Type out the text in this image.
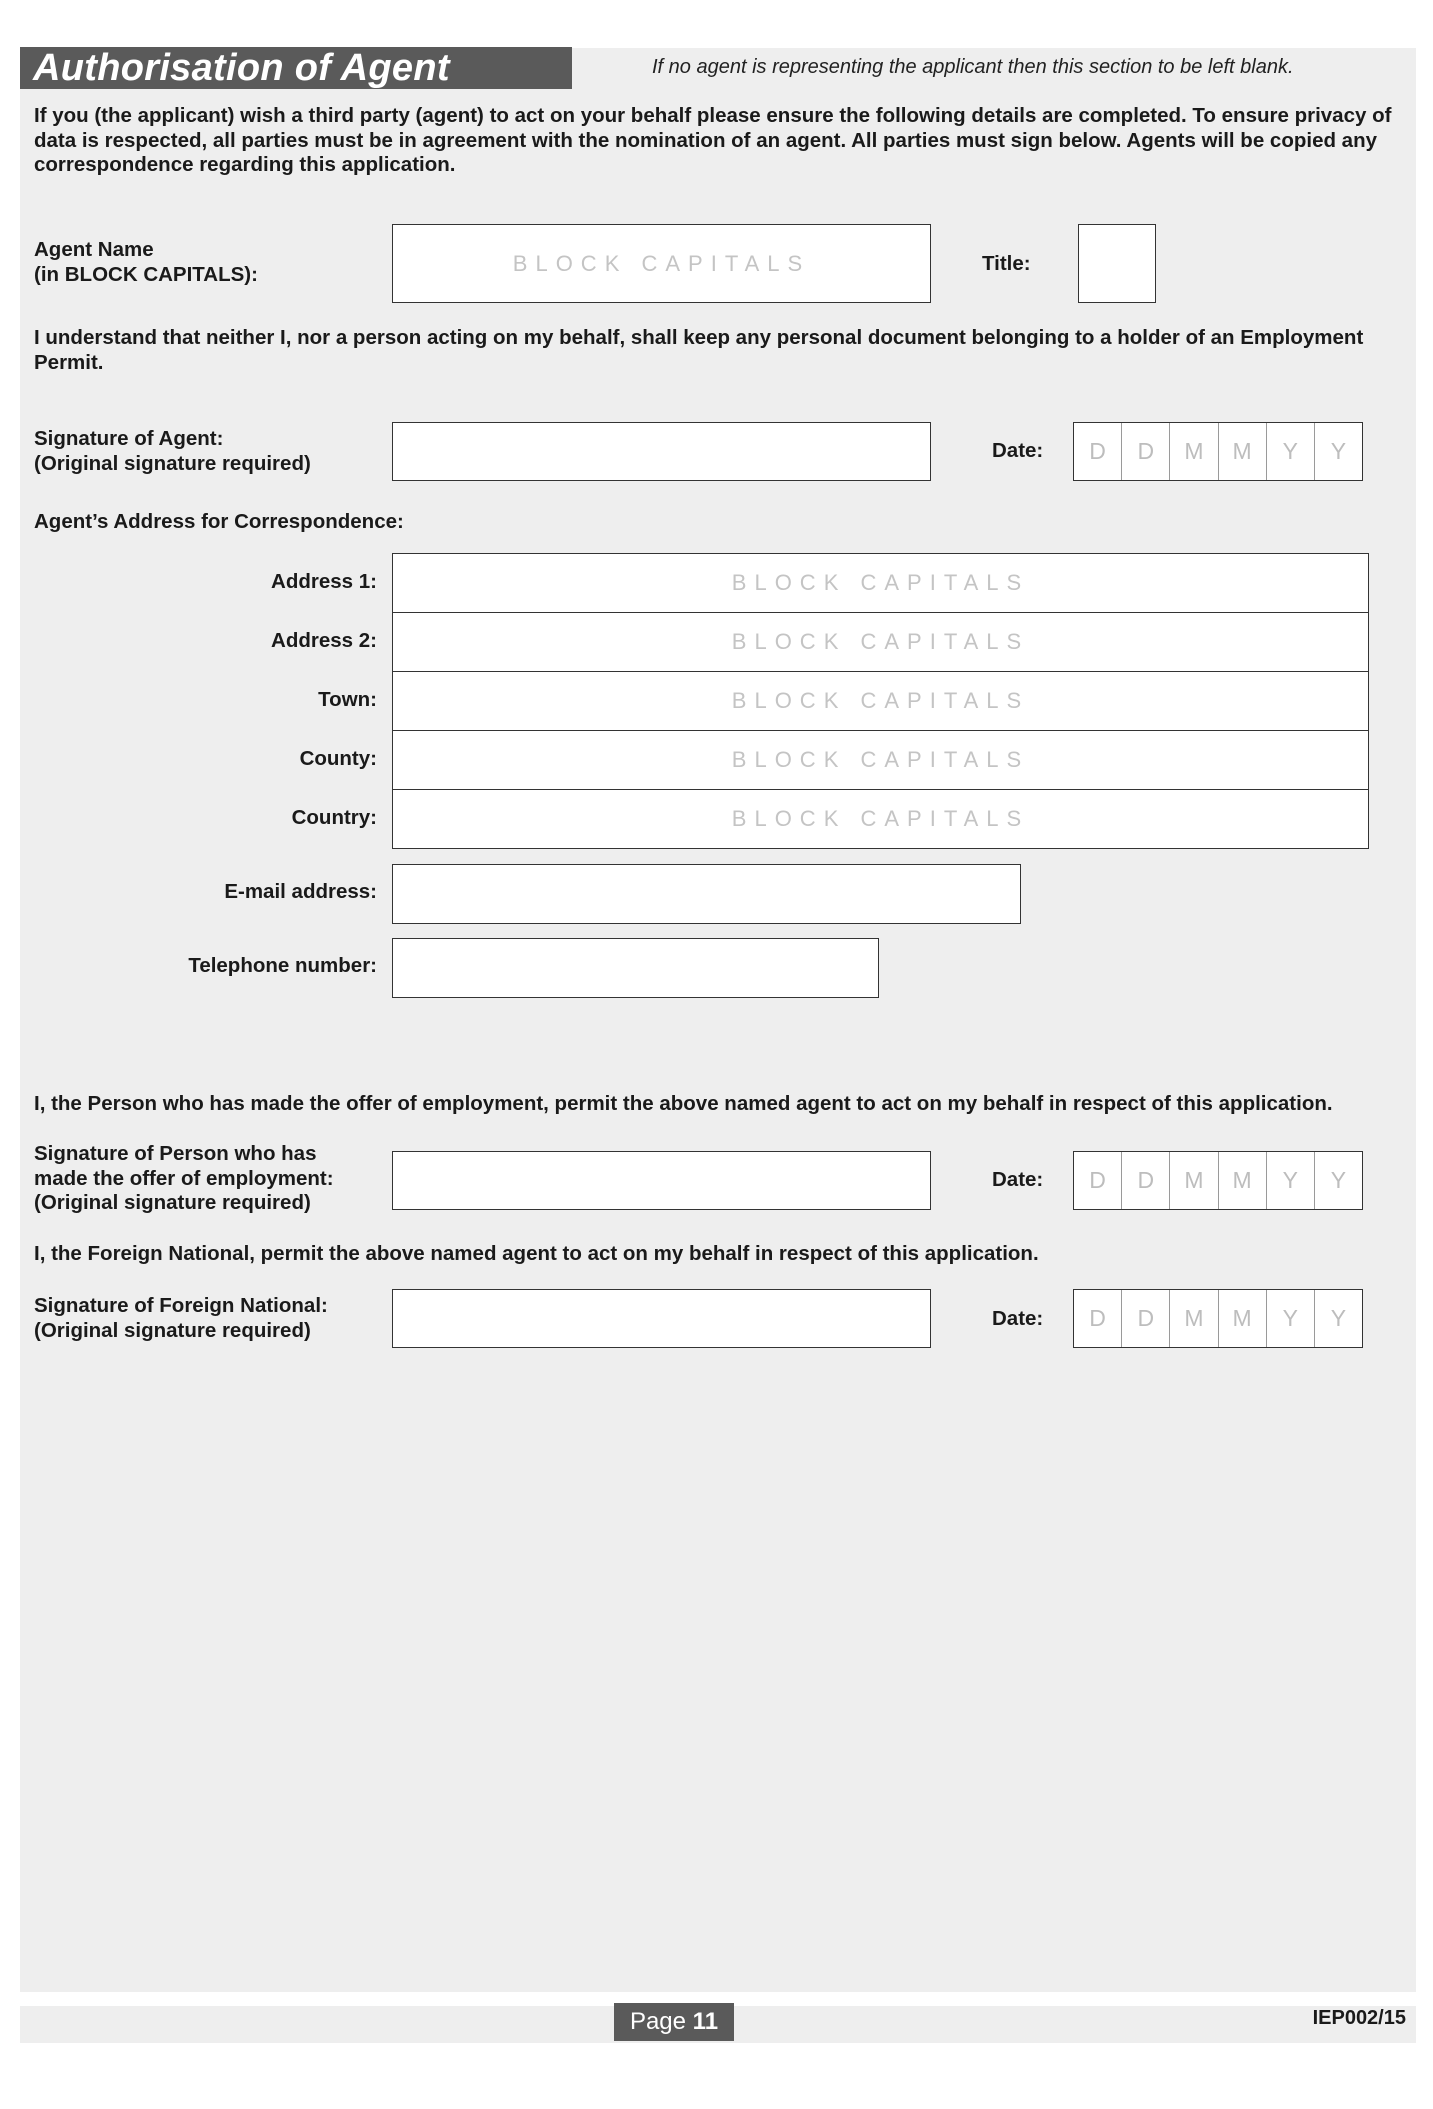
Authorisation of Agent	If no agent is representing the applicant then this section to be left blank.
If you (the applicant) wish a third party (agent) to act on your behalf please ensure the following details are completed. To ensure privacy of data is respected, all parties must be in agreement with the nomination of an agent. All parties must sign below. Agents will be copied any correspondence regarding this application.
Agent Name
(in BLOCK CAPITALS):	BLOCK CAPITALS	Title:
I understand that neither I, nor a person acting on my behalf, shall keep any personal document belonging to a holder of an Employment Permit.
Signature of Agent:
(Original signature required)
Date:	D	D	M	M	Y	Y
Agent’s Address for Correspondence:
Address 1:	BLOCK CAPITALS
Address 2:	BLOCK CAPITALS
Town:	BLOCK CAPITALS
County:	BLOCK CAPITALS
Country:	BLOCK CAPITALS
E-mail address:
Telephone number:
I, the Person who has made the offer of employment, permit the above named agent to act on my behalf in respect of this application.
Signature of Person who has
made the offer of employment:
(Original signature required)
Date:	D	D	M	M	Y	Y
I, the Foreign National, permit the above named agent to act on my behalf in respect of this application.
Signature of Foreign National:
(Original signature required)	Date:	D	D	M	M	Y	Y
Page 11	IEP002/15
